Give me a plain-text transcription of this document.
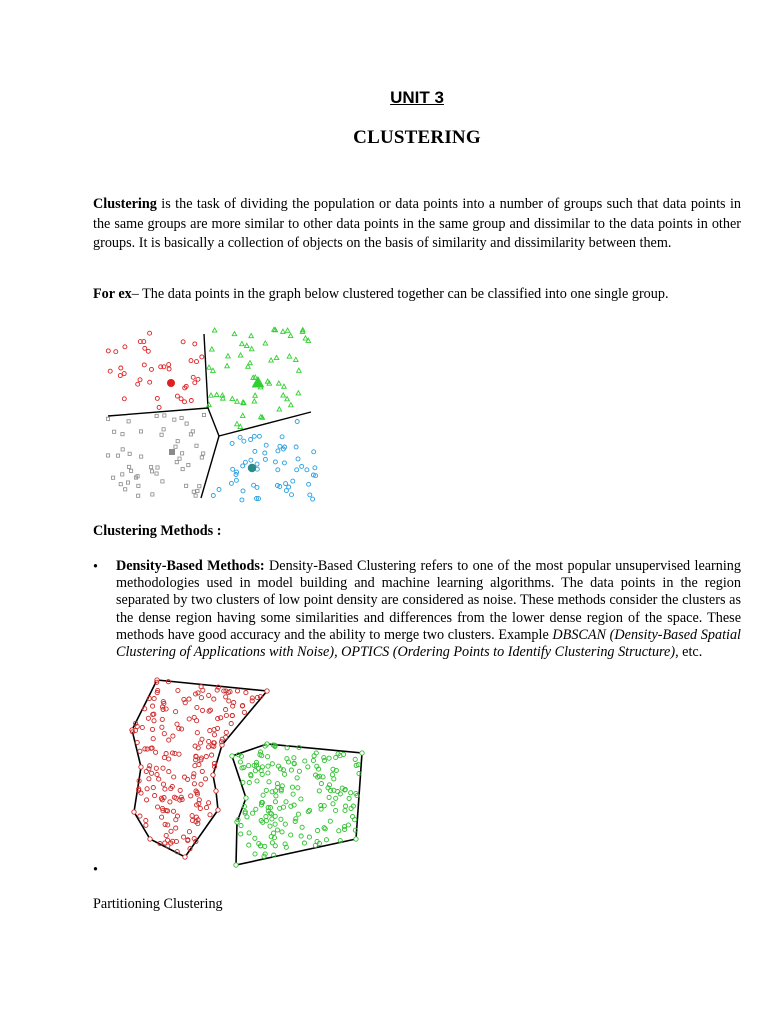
UNIT 3
CLUSTERING
Clustering is the task of dividing the population or data points into a number of groups such that data points in the same groups are more similar to other data points in the same group and dissimilar to the data points in other groups. It is basically a collection of objects on the basis of similarity and dissimilarity between them.
For ex– The data points in the graph below clustered together can be classified into one single group.
Clustering Methods :
• Density-Based Methods: Density-Based Clustering refers to one of the most popular unsupervised learning methodologies used in model building and machine learning algorithms. The data points in the region separated by two clusters of low point density are considered as noise. These methods consider the clusters as the dense region having some similarities and differences from the lower dense region of the space. These methods have good accuracy and the ability to merge two clusters. Example DBSCAN (Density-Based Spatial Clustering of Applications with Noise), OPTICS (Ordering Points to Identify Clustering Structure), etc.
•
Partitioning Clustering
